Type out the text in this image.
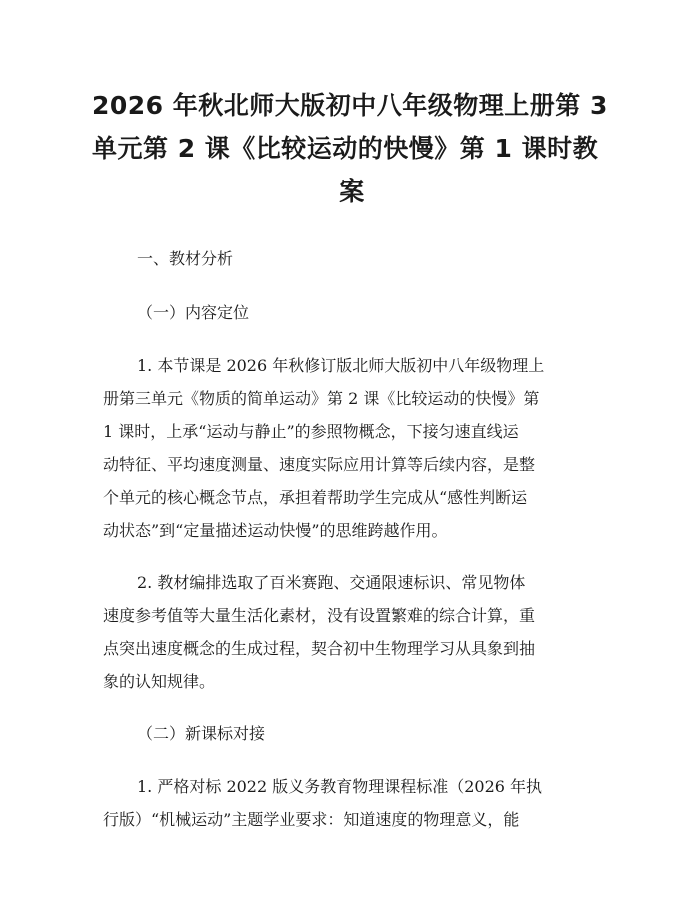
2026 年秋北师大版初中八年级物理上册第 3
单元第 2 课《比较运动的快慢》第 1 课时教
案

一、教材分析

（一）内容定位

1. 本节课是 2026 年秋修订版北师大版初中八年级物理上
册第三单元《物质的简单运动》第 2 课《比较运动的快慢》第
1 课时，上承“运动与静止”的参照物概念，下接匀速直线运
动特征、平均速度测量、速度实际应用计算等后续内容，是整
个单元的核心概念节点，承担着帮助学生完成从“感性判断运
动状态”到“定量描述运动快慢”的思维跨越作用。

2. 教材编排选取了百米赛跑、交通限速标识、常见物体
速度参考值等大量生活化素材，没有设置繁难的综合计算，重
点突出速度概念的生成过程，契合初中生物理学习从具象到抽
象的认知规律。

（二）新课标对接

1. 严格对标 2022 版义务教育物理课程标准（2026 年执
行版）“机械运动”主题学业要求：知道速度的物理意义，能
